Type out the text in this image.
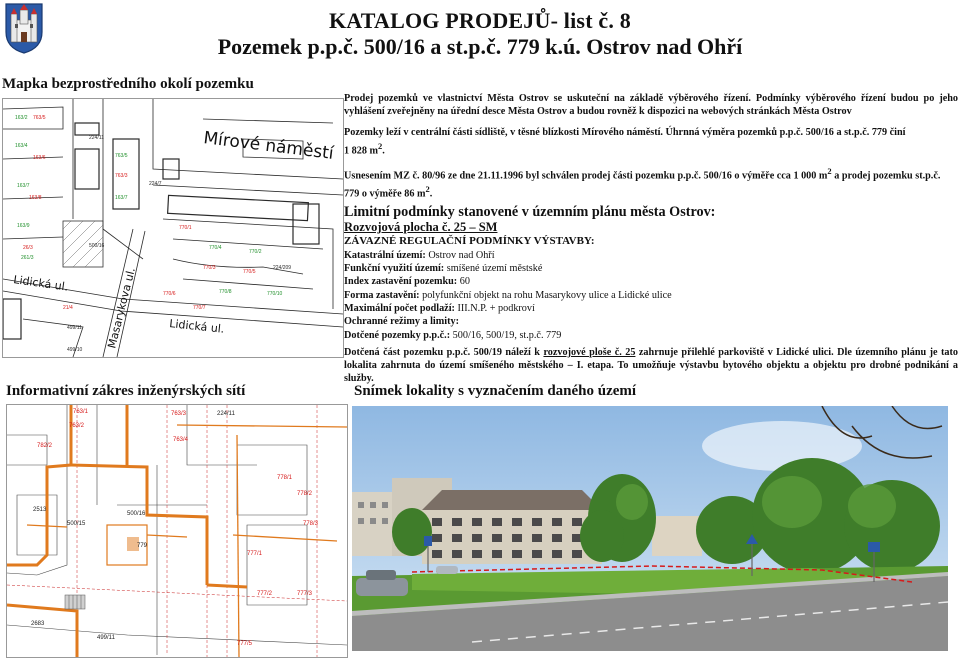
KATALOG PRODEJŮ- list č. 8
Pozemek p.p.č. 500/16 a st.p.č. 779 k.ú. Ostrov nad Ohří
Mapka bezprostředního okolí pozemku
Informativní zákres inženýrských sítí	Snímek lokality s vyznačením daného území
163/2
163/4
163/7
163/9
261/3
763/5
163/7
770/4
770/2
770/8	770/10
763/5
163/6
163/8
26/3
763/3
770/1
770/3
770/5
770/6
770/7
21/4
224/11
224/7
500/16
224/209
499/11
499/10
Mírové náměstí
Lidická ul.
Lidická ul.
Masarykova ul.
763/1
763/2
782/2
763/3
763/4
778/1
778/2
778/3
777/1
777/2	777/3
777/5
500/16
500/15
2513
779
224/11
499/11
2683

Prodej pozemků ve vlastnictví Města Ostrov se uskuteční na základě výběrového řízení. Podmínky výběrového řízení budou po jeho vyhlášení zveřejněny na úřední desce Města Ostrov a budou rovněž k dispozici na webových stránkách Města Ostrov

Pozemky leží v centrální části sídliště, v těsné blízkosti Mírového náměstí. Úhrnná výměra pozemků p.p.č. 500/16 a st.p.č. 779 činí
1 828 $m^2$.

Usnesením MZ č. 80/96 ze dne 21.11.1996 byl schválen prodej části pozemku p.p.č. 500/16 o výměře cca 1 000 $m^2$ a prodej pozemku st.p.č. 779 o výměře 86 $m^2$.

Limitní podmínky stanovené v územním plánu města Ostrov:

Rozvojová plocha č. 25 – SM

ZÁVAZNÉ REGULAČNÍ PODMÍNKY VÝSTAVBY:

Katastrální území: Ostrov nad Ohří

Funkční využití území: smíšené území městské

Index zastavění pozemku: 60

Forma zastavění: polyfunkční objekt na rohu Masarykovy ulice a Lidické ulice

Maximální počet podlaží: III.N.P. + podkroví

Ochranné režimy a limity:

Dotčené pozemky p.p.č.: 500/16, 500/19, st.p.č. 779

Dotčená část pozemku p.p.č. 500/19 náleží k rozvojové ploše č. 25 zahrnuje přilehlé parkoviště v Lidické ulici. Dle územního plánu je tato lokalita zahrnuta do území smíšeného městského – I. etapa. To umožňuje výstavbu bytového objektu a objektu pro drobné podnikání a služby.
